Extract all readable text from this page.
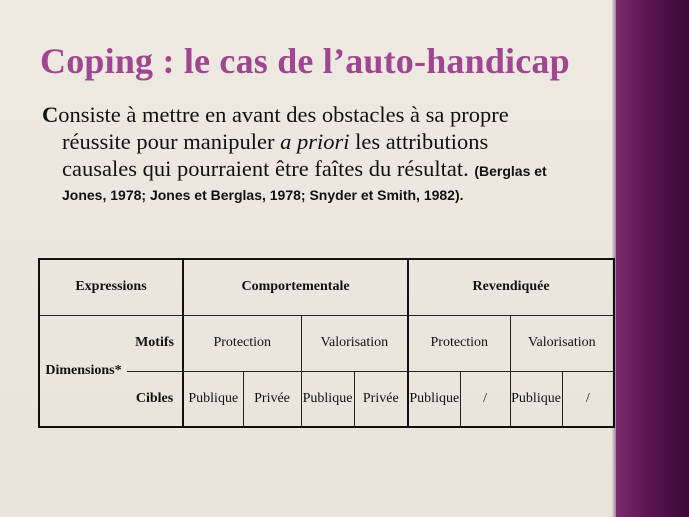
Coping : le cas de l’auto-handicap
Consiste à mettre en avant des obstacles à sa propre
réussite pour manipuler a priori les attributions
causales qui pourraient être faîtes du résultat. (Berglas et
Jones, 1978; Jones et Berglas, 1978; Snyder et Smith, 1982).
Expressions		Comportementale				Revendiquée			
Dimensions*	Motifs	Protection		Valorisation		Protection		Valorisation	
	Cibles	Publique	Privée	Publique	Privée	Publique	/	Publique	/
